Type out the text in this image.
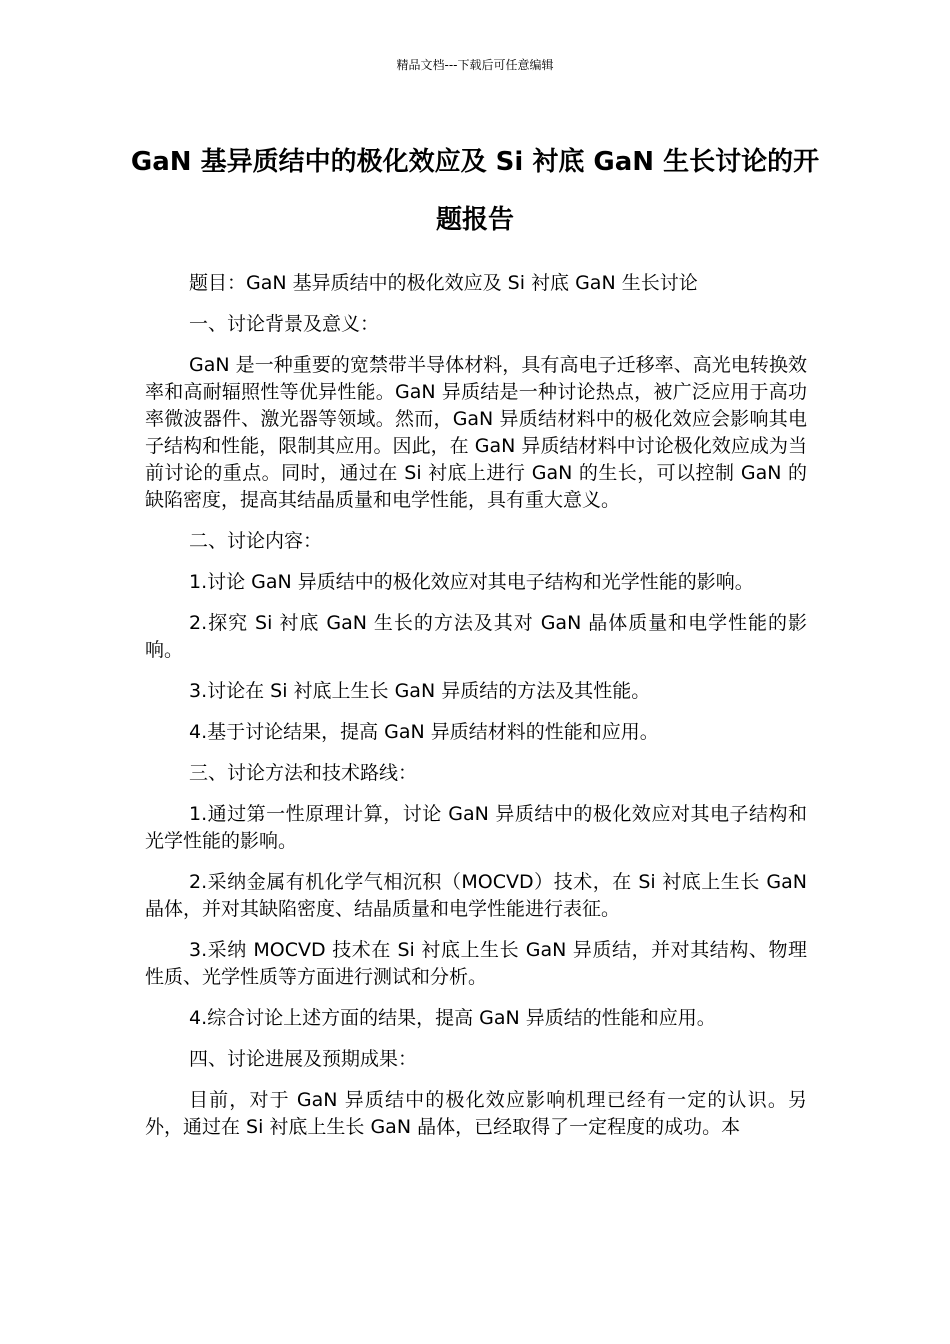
精品文档---下载后可任意编辑
GaN 基异质结中的极化效应及 Si 衬底 GaN 生长讨论的开题报告

题目：GaN 基异质结中的极化效应及 Si 衬底 GaN 生长讨论

一、讨论背景及意义：

GaN 是一种重要的宽禁带半导体材料，具有高电子迁移率、高光电转换效率和高耐辐照性等优异性能。GaN 异质结是一种讨论热点，被广泛应用于高功率微波器件、激光器等领域。然而，GaN 异质结材料中的极化效应会影响其电子结构和性能，限制其应用。因此，在 GaN 异质结材料中讨论极化效应成为当前讨论的重点。同时，通过在 Si 衬底上进行 GaN 的生长，可以控制 GaN 的缺陷密度，提高其结晶质量和电学性能，具有重大意义。

二、讨论内容：

1.讨论 GaN 异质结中的极化效应对其电子结构和光学性能的影响。

2.探究 Si 衬底 GaN 生长的方法及其对 GaN 晶体质量和电学性能的影响。

3.讨论在 Si 衬底上生长 GaN 异质结的方法及其性能。

4.基于讨论结果，提高 GaN 异质结材料的性能和应用。

三、讨论方法和技术路线：

1.通过第一性原理计算，讨论 GaN 异质结中的极化效应对其电子结构和光学性能的影响。

2.采纳金属有机化学气相沉积（MOCVD）技术，在 Si 衬底上生长 GaN 晶体，并对其缺陷密度、结晶质量和电学性能进行表征。

3.采纳 MOCVD 技术在 Si 衬底上生长 GaN 异质结，并对其结构、物理性质、光学性质等方面进行测试和分析。

4.综合讨论上述方面的结果，提高 GaN 异质结的性能和应用。

四、讨论进展及预期成果：

目前，对于 GaN 异质结中的极化效应影响机理已经有一定的认识。另外，通过在 Si 衬底上生长 GaN 晶体，已经取得了一定程度的成功。本
